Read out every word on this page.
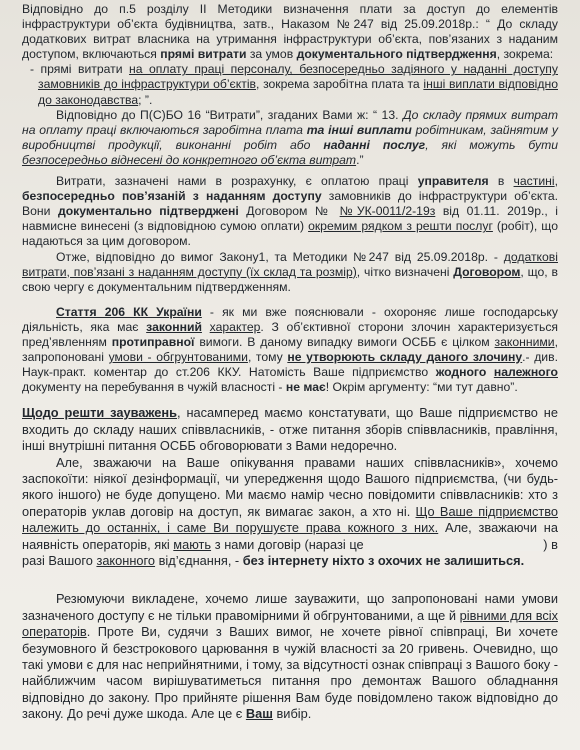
Відповідно до п.5 розділу ІІ Методики визначення плати за доступ до елементів інфраструктури об’єкта будівництва, затв., Наказом №247 від 25.09.2018р.: “ До складу додаткових витрат власника на утримання інфраструктури об’єкта, пов’язаних з наданим доступом, включаються прямі витрати за умов документального підтвердження, зокрема:

- прямі витрати на оплату праці персоналу, безпосередньо задіяного у наданні доступу замовників до інфраструктури об’єктів, зокрема заробітна плата та інші виплати відповідно до законодавства; ”.

Відповідно до П(С)БО 16 “Витрати”, згаданих Вами ж: “ 13. До складу прямих витрат на оплату праці включаються заробітна плата та інші виплати робітникам, зайнятим у виробництві продукції, виконанні робіт або наданні послуг, які можуть бути безпосередньо віднесені до конкретного об’єкта витрат.”

Витрати, зазначені нами в розрахунку, є оплатою праці управителя в частині, безпосередньо пов’язаній з наданням доступу замовників до інфраструктури об’єкта. Вони документально підтверджені Договором № №УК-0011/2-19з від 01.11. 2019р., і навмисне винесені (з відповідною сумою оплати) окремим рядком з решти послуг (робіт), що надаються за цим договором.

Отже, відповідно до вимог Закону1, та Методики №247 від 25.09.2018р. - додаткові витрати, пов’язані з наданням доступу (їх склад та розмір), чітко визначені Договором, що, в свою чергу є документальним підтвердженням.

Стаття 206 КК України - як ми вже пояснювали - охороняє лише господарську діяльність, яка має законний характер. З об’єктивної сторони злочин характеризується пред’явленням протиправної вимоги. В даному випадку вимоги ОСББ є цілком законними, запропоновані умови - обгрунтованими, тому не утворюють складу даного злочину.- див. Наук-практ. коментар до ст.206 ККУ. Натомість Ваше підприємство жодного належного документу на перебування в чужій власності - не має! Окрім аргументу: “ми тут давно”.

Щодо решти зауважень, насамперед маємо констатувати, що Ваше підприємство не входить до складу наших співвласників, - отже питання зборів співвласників, правління, інші внутрішні питання ОСББ обговорювати з Вами недоречно.

Але, зважаючи на Ваше опікування правами наших співвласників», хочемо заспокоїти: ніякої дезінформації, чи упередження щодо Вашого підприємства, (чи будь-якого іншого) не буде допущено. Ми маємо намір чесно повідомити співвласників: хто з операторів уклав договір на доступ, як вимагає закон, а хто ні. Що Ваше підприємство належить до останніх, і саме Ви порушуєте права кожного з них. Але, зважаючи на наявність операторів, які мають з нами договір (наразі це	) в разі Вашого законного від’єднання, - без інтернету ніхто з охочих не залишиться.

Резюмуючи викладене, хочемо лише зауважити, що запропоновані нами умови зазначеного доступу є не тільки правомірними й обгрунтованими, а ще й рівними для всіх операторів. Проте Ви, судячи з Ваших вимог, не хочете рівної співпраці, Ви хочете безумовного й безстрокового царювання в чужій власності за 20 гривень. Очевидно, що такі умови є для нас неприйнятними, і тому, за відсутності ознак співпраці з Вашого боку - найближчим часом вирішуватиметься питання про демонтаж Вашого обладнання відповідно до закону. Про прийняте рішення Вам буде повідомлено також відповідно до закону. До речі дуже шкода. Але це є Ваш вибір.
